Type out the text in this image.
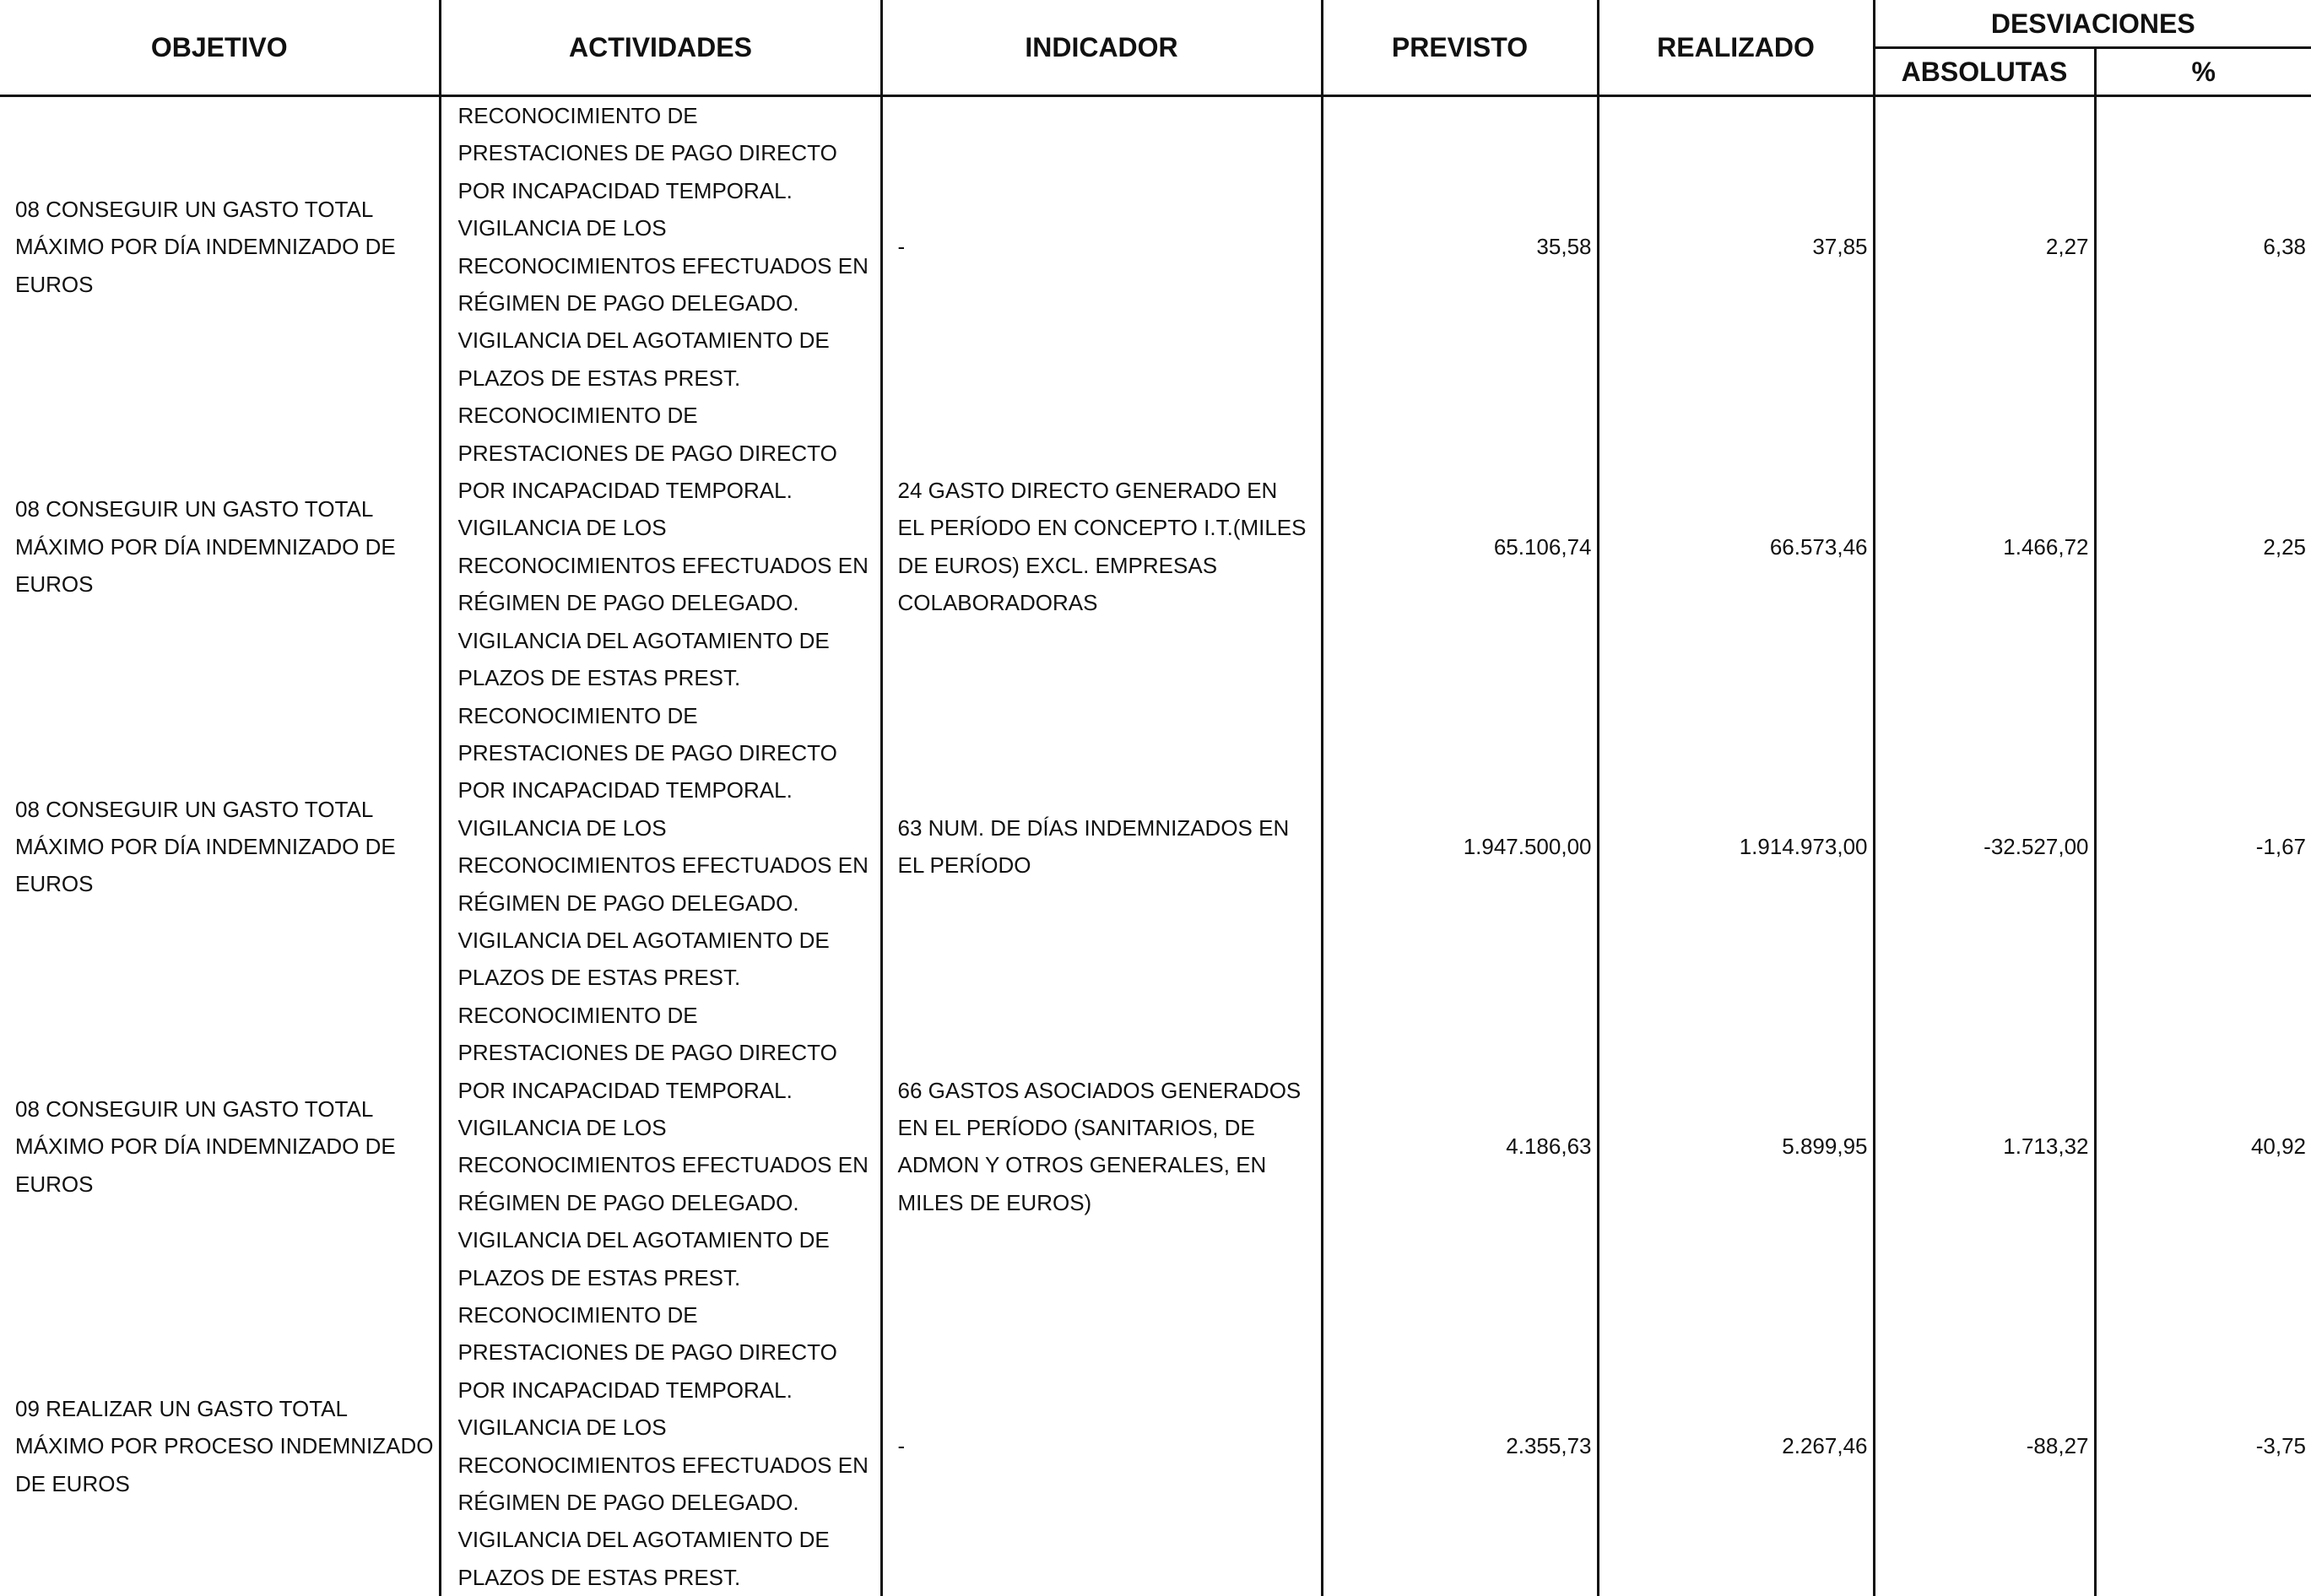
OBJETIVO	ACTIVIDADES	INDICADOR	PREVISTO	REALIZADO	DESVIACIONES	
					ABSOLUTAS	%
08 CONSEGUIR UN GASTO TOTAL MÁXIMO POR DÍA INDEMNIZADO DE EUROS	RECONOCIMIENTO DE PRESTACIONES DE PAGO DIRECTO POR INCAPACIDAD TEMPORAL. VIGILANCIA DE LOS RECONOCIMIENTOS EFECTUADOS EN RÉGIMEN DE PAGO DELEGADO. VIGILANCIA DEL AGOTAMIENTO DE PLAZOS DE ESTAS PREST.	-	35,58	37,85	2,27	6,38
08 CONSEGUIR UN GASTO TOTAL MÁXIMO POR DÍA INDEMNIZADO DE EUROS	RECONOCIMIENTO DE PRESTACIONES DE PAGO DIRECTO POR INCAPACIDAD TEMPORAL. VIGILANCIA DE LOS RECONOCIMIENTOS EFECTUADOS EN RÉGIMEN DE PAGO DELEGADO. VIGILANCIA DEL AGOTAMIENTO DE PLAZOS DE ESTAS PREST.	24 GASTO DIRECTO GENERADO EN EL PERÍODO EN CONCEPTO I.T.(MILES DE EUROS) EXCL. EMPRESAS COLABORADORAS	65.106,74	66.573,46	1.466,72	2,25
08 CONSEGUIR UN GASTO TOTAL MÁXIMO POR DÍA INDEMNIZADO DE EUROS	RECONOCIMIENTO DE PRESTACIONES DE PAGO DIRECTO POR INCAPACIDAD TEMPORAL. VIGILANCIA DE LOS RECONOCIMIENTOS EFECTUADOS EN RÉGIMEN DE PAGO DELEGADO. VIGILANCIA DEL AGOTAMIENTO DE PLAZOS DE ESTAS PREST.	63 NUM. DE DÍAS INDEMNIZADOS EN EL PERÍODO	1.947.500,00	1.914.973,00	-32.527,00	-1,67
08 CONSEGUIR UN GASTO TOTAL MÁXIMO POR DÍA INDEMNIZADO DE EUROS	RECONOCIMIENTO DE PRESTACIONES DE PAGO DIRECTO POR INCAPACIDAD TEMPORAL. VIGILANCIA DE LOS RECONOCIMIENTOS EFECTUADOS EN RÉGIMEN DE PAGO DELEGADO. VIGILANCIA DEL AGOTAMIENTO DE PLAZOS DE ESTAS PREST.	66 GASTOS ASOCIADOS GENERADOS EN EL PERÍODO (SANITARIOS, DE ADMON Y OTROS GENERALES, EN MILES DE EUROS)	4.186,63	5.899,95	1.713,32	40,92
09 REALIZAR UN GASTO TOTAL MÁXIMO POR PROCESO INDEMNIZADO DE EUROS	RECONOCIMIENTO DE PRESTACIONES DE PAGO DIRECTO POR INCAPACIDAD TEMPORAL. VIGILANCIA DE LOS RECONOCIMIENTOS EFECTUADOS EN RÉGIMEN DE PAGO DELEGADO. VIGILANCIA DEL AGOTAMIENTO DE PLAZOS DE ESTAS PREST.	-	2.355,73	2.267,46	-88,27	-3,75
